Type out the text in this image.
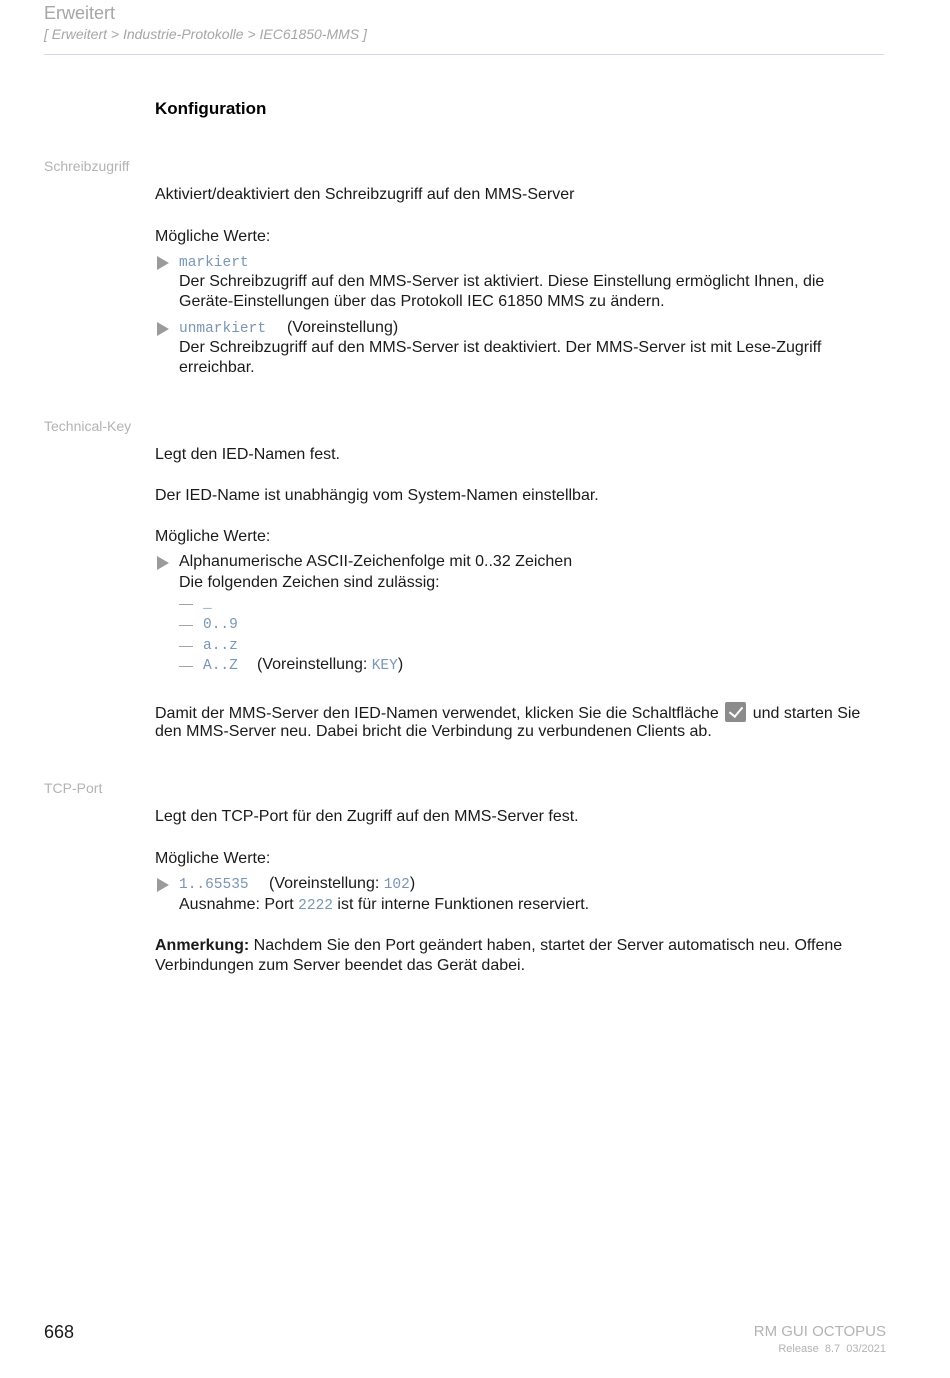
Erweitert
[ Erweitert > Industrie-Protokolle > IEC61850-MMS ]
Konfiguration
Schreibzugriff
Aktiviert/deaktiviert den Schreibzugriff auf den MMS-Server
Mögliche Werte:
markiert
Der Schreibzugriff auf den MMS-Server ist aktiviert. Diese Einstellung ermöglicht Ihnen, die
Geräte-Einstellungen über das Protokoll IEC 61850 MMS zu ändern.
unmarkiert (Voreinstellung)
Der Schreibzugriff auf den MMS-Server ist deaktiviert. Der MMS-Server ist mit Lese-Zugriff
erreichbar.
Technical-Key
Legt den IED-Namen fest.
Der IED-Name ist unabhängig vom System-Namen einstellbar.
Mögliche Werte:
Alphanumerische ASCII-Zeichenfolge mit 0..32 Zeichen
Die folgenden Zeichen sind zulässig:
— _
— 0..9
— a..z
— A..Z (Voreinstellung: KEY)
Damit der MMS-Server den IED-Namen verwendet, klicken Sie die Schaltfläche und starten Sie
den MMS-Server neu. Dabei bricht die Verbindung zu verbundenen Clients ab.
TCP-Port
Legt den TCP-Port für den Zugriff auf den MMS-Server fest.
Mögliche Werte:
1..65535 (Voreinstellung: 102)
Ausnahme: Port 2222 ist für interne Funktionen reserviert.
Anmerkung: Nachdem Sie den Port geändert haben, startet der Server automatisch neu. Offene
Verbindungen zum Server beendet das Gerät dabei.
668	RM GUI OCTOPUS
Release  8.7  03/2021
